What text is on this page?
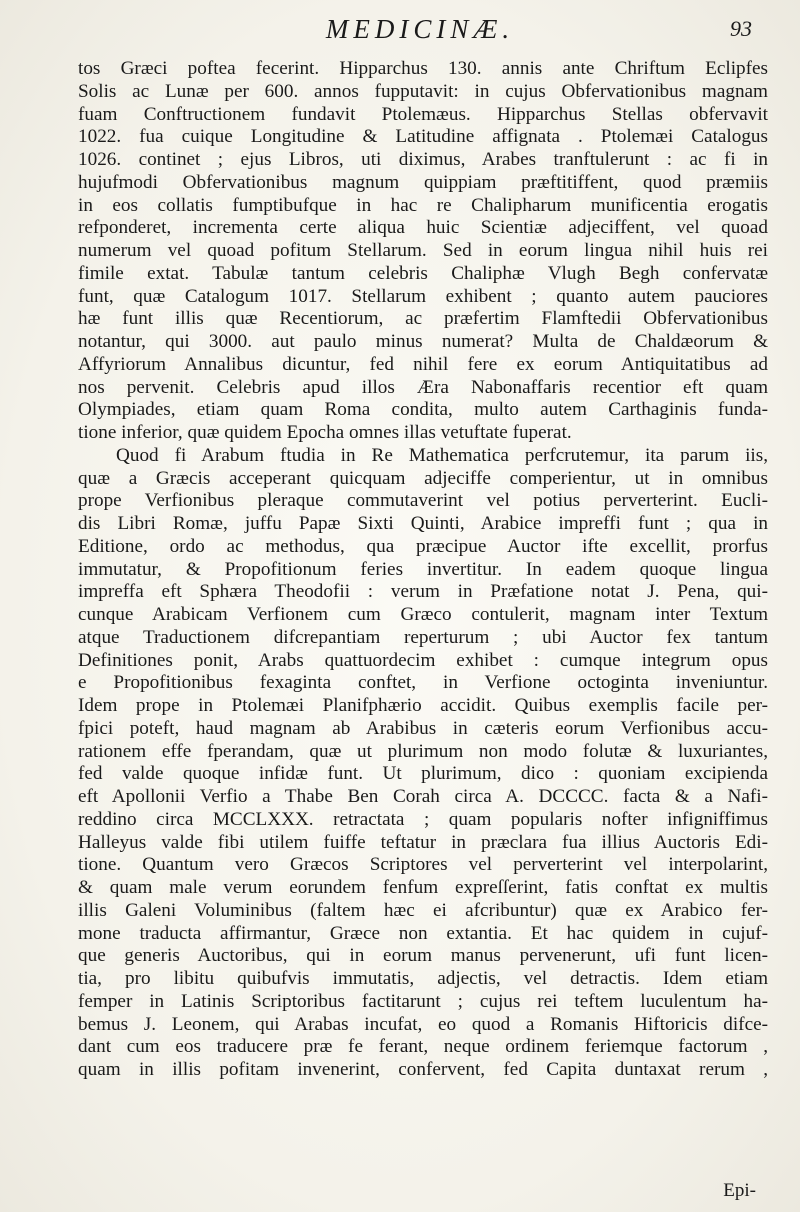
MEDICINÆ.	93
tos Græci poftea fecerint. Hipparchus 130. annis ante Chriftum Eclipfes
Solis ac Lunæ per 600. annos fupputavit: in cujus Obfervationibus magnam
fuam Conftructionem fundavit Ptolemæus. Hipparchus Stellas obfervavit
1022. fua cuique Longitudine & Latitudine affignata . Ptolemæi Catalogus
1026. continet ; ejus Libros, uti diximus, Arabes tranftulerunt : ac fi in
hujufmodi Obfervationibus magnum quippiam præftitiffent, quod præmiis
in eos collatis fumptibufque in hac re Chalipharum munificentia erogatis
refponderet, incrementa certe aliqua huic Scientiæ adjeciffent, vel quoad
numerum vel quoad pofitum Stellarum. Sed in eorum lingua nihil huis rei
fimile extat. Tabulæ tantum celebris Chaliphæ Vlugh Begh confervatæ
funt, quæ Catalogum 1017. Stellarum exhibent ; quanto autem pauciores
hæ funt illis quæ Recentiorum, ac præfertim Flamftedii Obfervationibus
notantur, qui 3000. aut paulo minus numerat? Multa de Chaldæorum &
Affyriorum Annalibus dicuntur, fed nihil fere ex eorum Antiquitatibus ad
nos pervenit. Celebris apud illos Æra Nabonaffaris recentior eft quam
Olympiades, etiam quam Roma condita, multo autem Carthaginis funda-
tione inferior, quæ quidem Epocha omnes illas vetuftate fuperat.
Quod fi Arabum ftudia in Re Mathematica perfcrutemur, ita parum iis,
quæ a Græcis acceperant quicquam adjeciffe comperientur, ut in omnibus
prope Verfionibus pleraque commutaverint vel potius perverterint. Eucli-
dis Libri Romæ, juffu Papæ Sixti Quinti, Arabice impreffi funt ; qua in
Editione, ordo ac methodus, qua præcipue Auctor ifte excellit, prorfus
immutatur, & Propofitionum feries invertitur. In eadem quoque lingua
impreffa eft Sphæra Theodofii : verum in Præfatione notat J. Pena, qui-
cunque Arabicam Verfionem cum Græco contulerit, magnam inter Textum
atque Traductionem difcrepantiam reperturum ; ubi Auctor fex tantum
Definitiones ponit, Arabs quattuordecim exhibet : cumque integrum opus
e Propofitionibus fexaginta conftet, in Verfione octoginta inveniuntur.
Idem prope in Ptolemæi Planifphærio accidit. Quibus exemplis facile per-
fpici poteft, haud magnam ab Arabibus in cæteris eorum Verfionibus accu-
rationem effe fperandam, quæ ut plurimum non modo folutæ & luxuriantes,
fed valde quoque infidæ funt. Ut plurimum, dico : quoniam excipienda
eft Apollonii Verfio a Thabe Ben Corah circa A. DCCCC. facta & a Nafi-
reddino circa MCCLXXX. retractata ; quam popularis nofter infigniffimus
Halleyus valde fibi utilem fuiffe teftatur in præclara fua illius Auctoris Edi-
tione. Quantum vero Græcos Scriptores vel perverterint vel interpolarint,
& quam male verum eorundem fenfum expreſſerint, fatis conftat ex multis
illis Galeni Voluminibus (faltem hæc ei afcribuntur) quæ ex Arabico fer-
mone traducta affirmantur, Græce non extantia. Et hac quidem in cujuf-
que generis Auctoribus, qui in eorum manus pervenerunt, ufi funt licen-
tia, pro libitu quibufvis immutatis, adjectis, vel detractis. Idem etiam
femper in Latinis Scriptoribus factitarunt ; cujus rei teftem luculentum ha-
bemus J. Leonem, qui Arabas incufat, eo quod a Romanis Hiftoricis difce-
dant cum eos traducere præ fe ferant, neque ordinem feriemque factorum ,
quam in illis pofitam invenerint, confervent, fed Capita duntaxat rerum ,
Epi-
